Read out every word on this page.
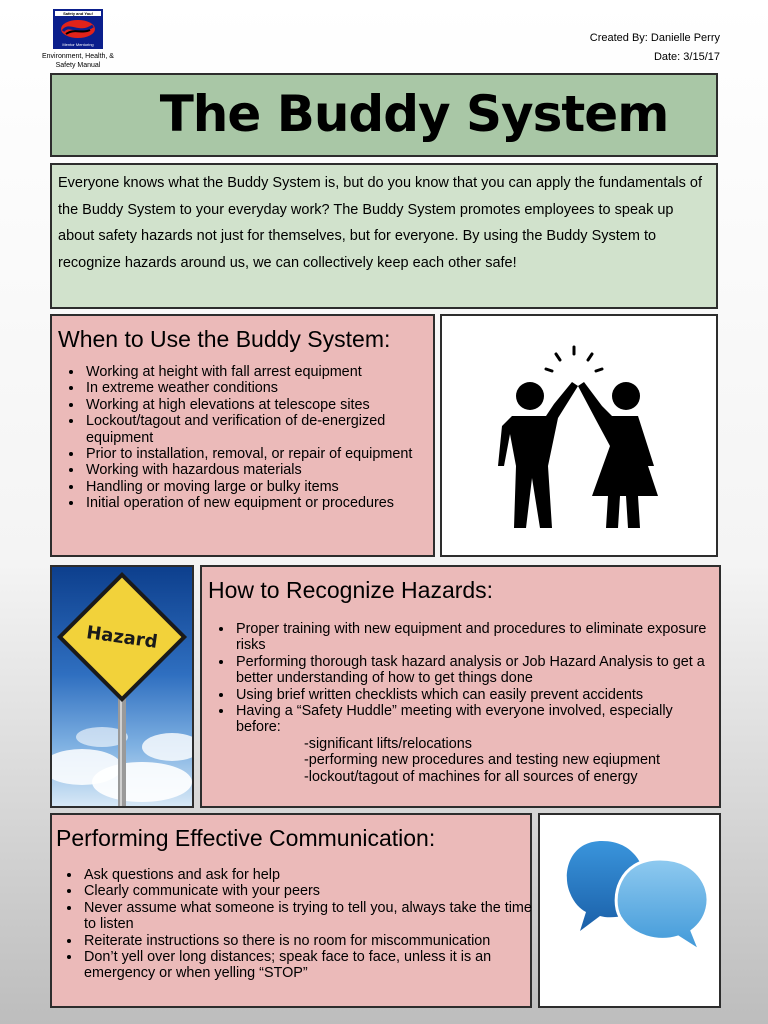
Safety and You!
Mentor Mentoring
Environment, Health, & Safety Manual
Created By: Danielle Perry
Date: 3/15/17
The Buddy System
Everyone knows what the Buddy System is, but do you know that you can apply the fundamentals of the Buddy System to your everyday work? The Buddy System promotes employees to speak up about safety hazards not just for themselves, but for everyone. By using the Buddy System to recognize hazards around us, we can collectively keep each other safe!
When to Use the Buddy System:
• Working at height with fall arrest equipment
• In extreme weather conditions
• Working at high elevations at telescope sites
• Lockout/tagout and verification of de-energized equipment
• Prior to installation, removal, or repair of equipment
• Working with hazardous materials
• Handling or moving large or bulky items
• Initial operation of new equipment or procedures
Hazard
How to Recognize Hazards:
• Proper training with new equipment and procedures to eliminate exposure risks
• Performing thorough task hazard analysis or Job Hazard Analysis to get a better understanding of how to get things done
• Using brief written checklists which can easily prevent accidents
• Having a “Safety Huddle” meeting with everyone involved, especially before:
-significant lifts/relocations
-performing new procedures and testing new eqiupment
-lockout/tagout of machines for all sources of energy
Performing Effective Communication:
• Ask questions and ask for help
• Clearly communicate with your peers
• Never assume what someone is trying to tell you, always take the time to listen
• Reiterate instructions so there is no room for miscommunication
• Don’t yell over long distances; speak face to face, unless it is an emergency or when yelling “STOP”
